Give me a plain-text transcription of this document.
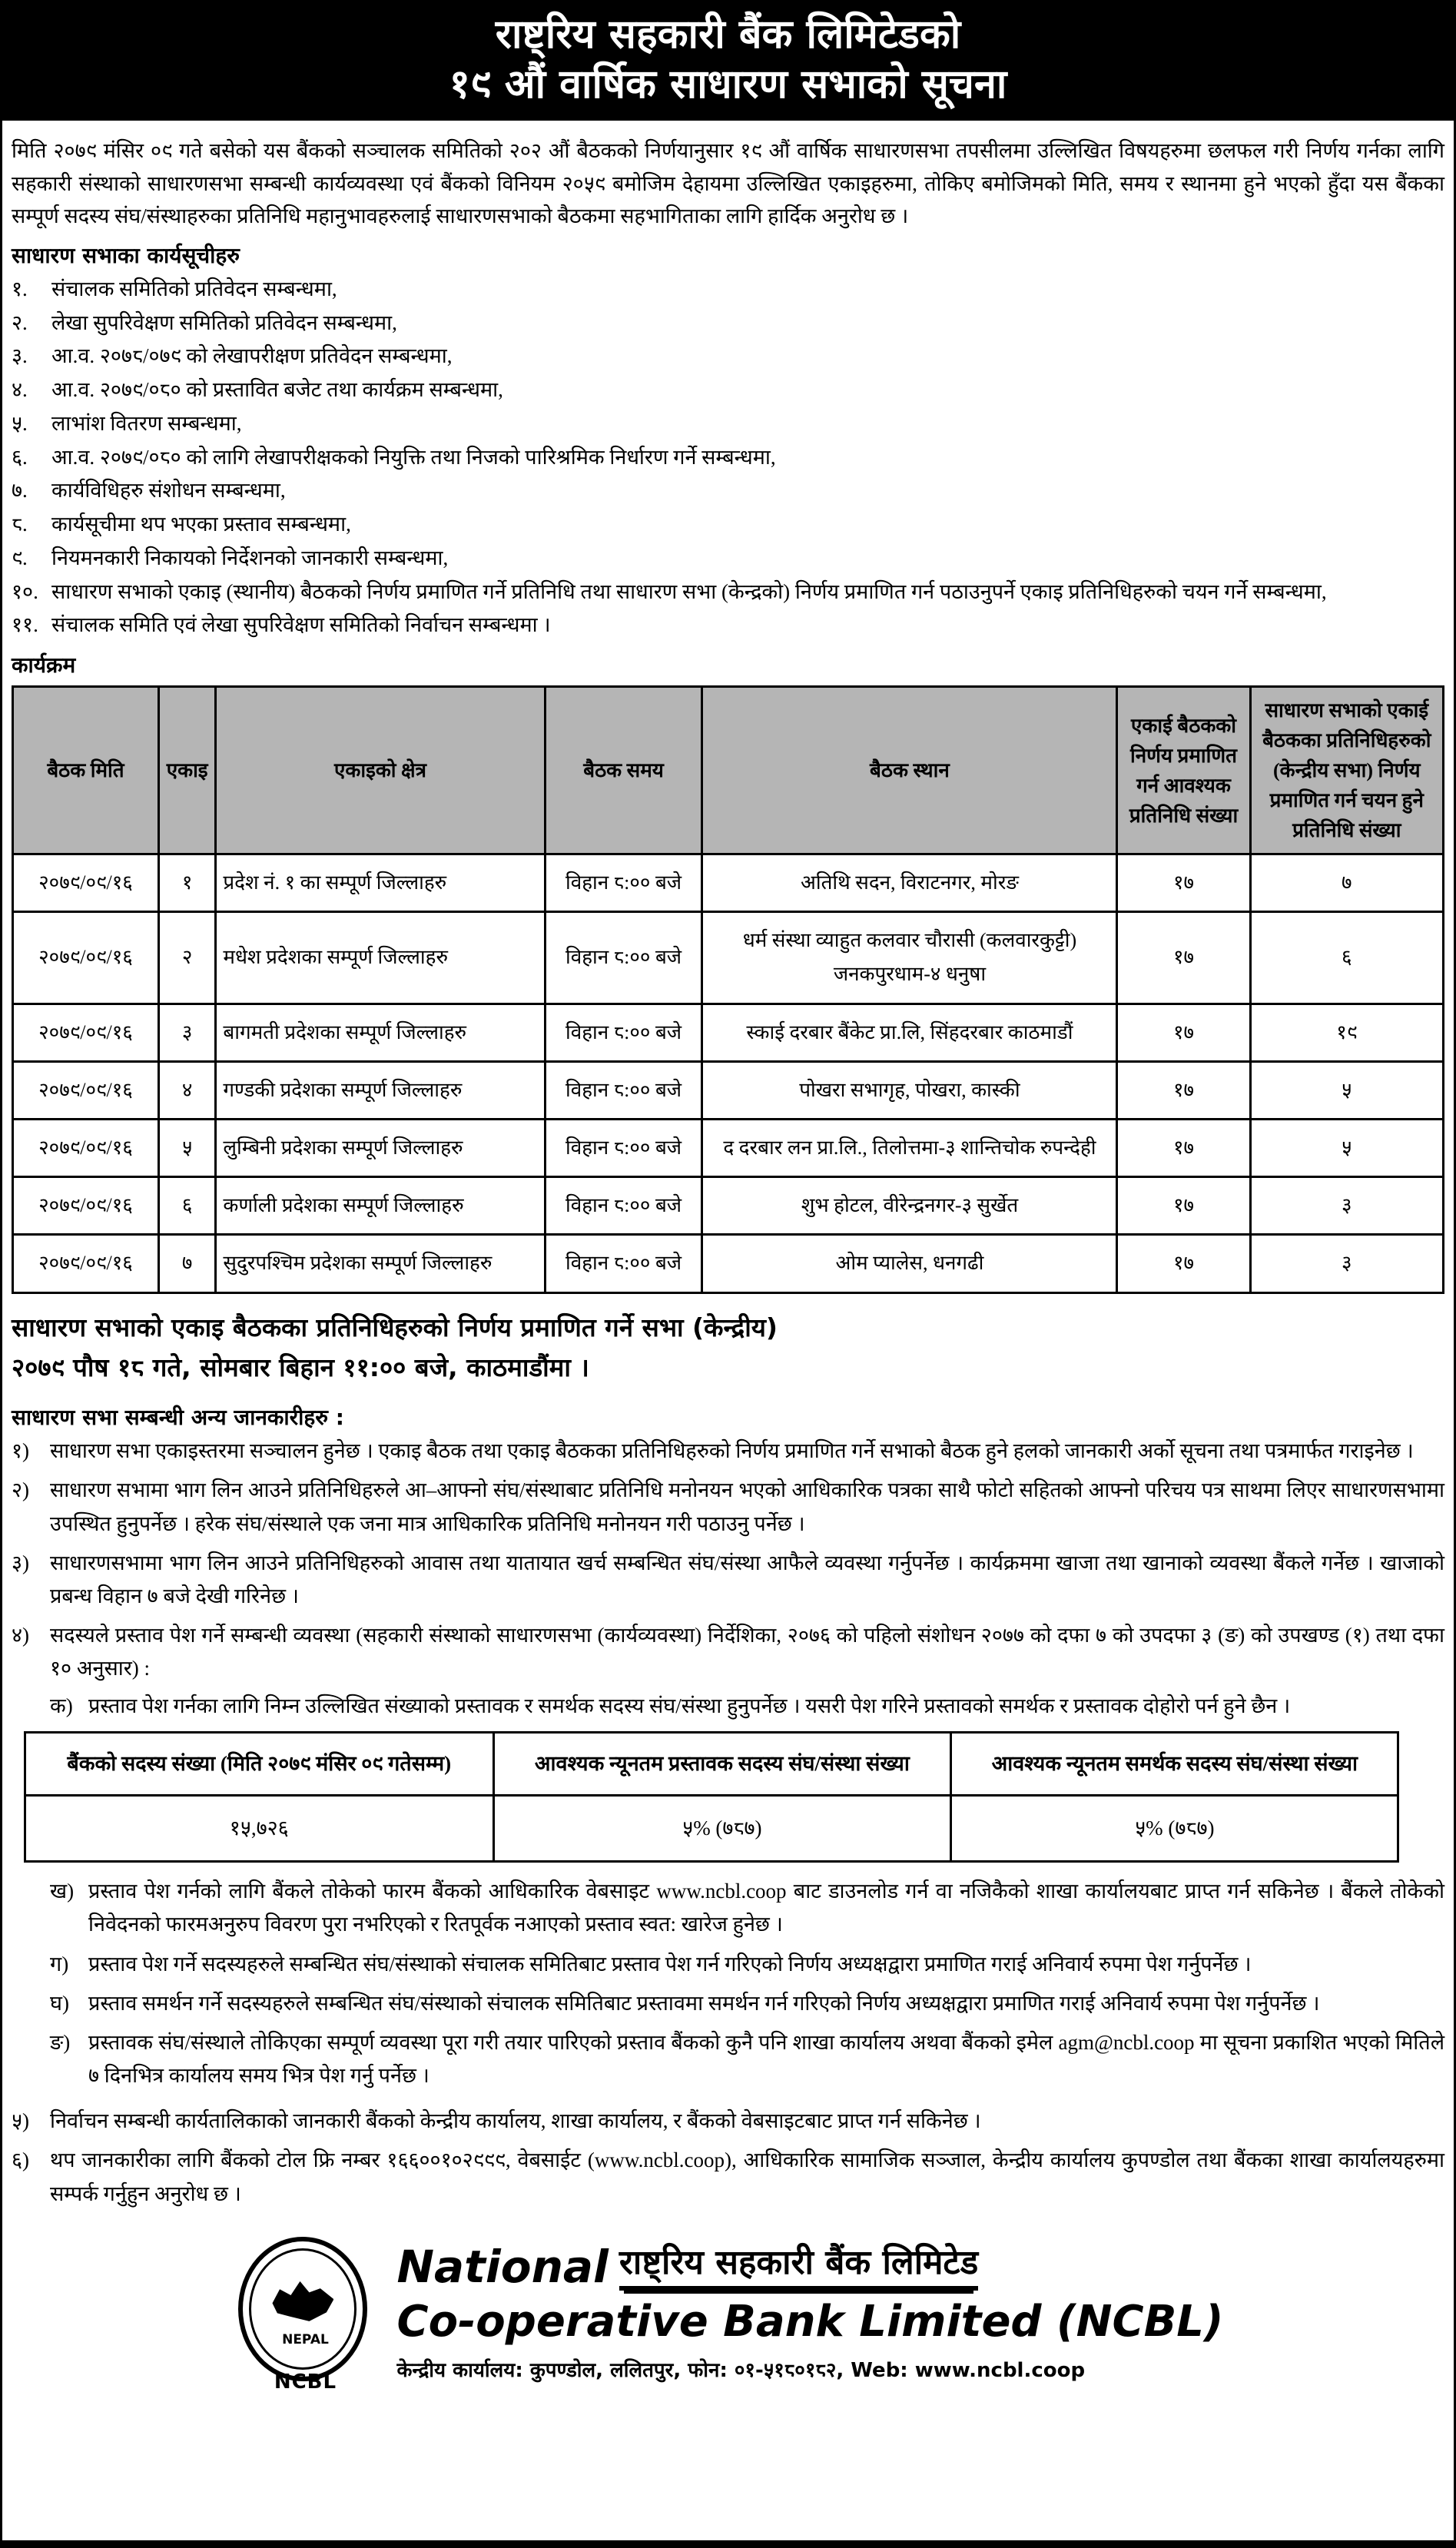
राष्ट्रिय सहकारी बैंक लिमिटेडको
१९ औं वार्षिक साधारण सभाको सूचना

मिति २०७९ मंसिर ०९ गते बसेको यस बैंकको सञ्चालक समितिको २०२ औं बैठकको निर्णयानुसार १९ औं वार्षिक साधारणसभा तपसीलमा उल्लिखित विषयहरुमा छलफल गरी निर्णय गर्नका लागि सहकारी संस्थाको साधारणसभा सम्बन्धी कार्यव्यवस्था एवं बैंकको विनियम २०५९ बमोजिम देहायमा उल्लिखित एकाइहरुमा, तोकिए बमोजिमको मिति, समय र स्थानमा हुने भएको हुँदा यस बैंकका सम्पूर्ण सदस्य संघ/संस्थाहरुका प्रतिनिधि महानुभावहरुलाई साधारणसभाको बैठकमा सहभागिताका लागि हार्दिक अनुरोध छ ।

साधारण सभाका कार्यसूचीहरु
१.	संचालक समितिको प्रतिवेदन सम्बन्धमा,
२.	लेखा सुपरिवेक्षण समितिको प्रतिवेदन सम्बन्धमा,
३.	आ.व. २०७८/०७९ को लेखापरीक्षण प्रतिवेदन सम्बन्धमा,
४.	आ.व. २०७९/०८० को प्रस्तावित बजेट तथा कार्यक्रम सम्बन्धमा,
५.	लाभांश वितरण सम्बन्धमा,
६.	आ.व. २०७९/०८० को लागि लेखापरीक्षकको नियुक्ति तथा निजको पारिश्रमिक निर्धारण गर्ने सम्बन्धमा,
७.	कार्यविधिहरु संशोधन सम्बन्धमा,
८.	कार्यसूचीमा थप भएका प्रस्ताव सम्बन्धमा,
९.	नियमनकारी निकायको निर्देशनको जानकारी सम्बन्धमा,
१०. साधारण सभाको एकाइ (स्थानीय) बैठकको निर्णय प्रमाणित गर्ने प्रतिनिधि तथा साधारण सभा (केन्द्रको) निर्णय प्रमाणित गर्न पठाउनुपर्ने एकाइ प्रतिनिधिहरुको चयन गर्ने सम्बन्धमा,
११. संचालक समिति एवं लेखा सुपरिवेक्षण समितिको निर्वाचन सम्बन्धमा ।
कार्यक्रम
बैठक मिति	एकाइ	एकाइको क्षेत्र	बैठक समय	बैठक स्थान	एकाई बैठकको निर्णय प्रमाणित गर्न आवश्यक प्रतिनिधि संख्या	साधारण सभाको एकाई बैठकका प्रतिनिधिहरुको (केन्द्रीय सभा) निर्णय प्रमाणित गर्न चयन हुने प्रतिनिधि संख्या
२०७९/०९/१६	१	प्रदेश नं. १ का सम्पूर्ण जिल्लाहरु	विहान ८:०० बजे	अतिथि सदन, विराटनगर, मोरङ	१७	७
२०७९/०९/१६	२	मधेश प्रदेशका सम्पूर्ण जिल्लाहरु	विहान ८:०० बजे	धर्म संस्था व्याहुत कलवार चौरासी (कलवारकुट्टी) जनकपुरधाम-४ धनुषा	१७	६
२०७९/०९/१६	३	बागमती प्रदेशका सम्पूर्ण जिल्लाहरु	विहान ८:०० बजे	स्काई दरबार बैंकेट प्रा.लि, सिंहदरबार काठमाडौं	१७	१९
२०७९/०९/१६	४	गण्डकी प्रदेशका सम्पूर्ण जिल्लाहरु	विहान ८:०० बजे	पोखरा सभागृह, पोखरा, कास्की	१७	५
२०७९/०९/१६	५	लुम्बिनी प्रदेशका सम्पूर्ण जिल्लाहरु	विहान ८:०० बजे	द दरबार लन प्रा.लि., तिलोत्तमा-३ शान्तिचोक रुपन्देही	१७	५
२०७९/०९/१६	६	कर्णाली प्रदेशका सम्पूर्ण जिल्लाहरु	विहान ८:०० बजे	शुभ होटल, वीरेन्द्रनगर-३ सुर्खेत	१७	३
२०७९/०९/१६	७	सुदुरपश्चिम प्रदेशका सम्पूर्ण जिल्लाहरु	विहान ८:०० बजे	ओम प्यालेस, धनगढी	१७	३
साधारण सभाको एकाइ बैठकका प्रतिनिधिहरुको निर्णय प्रमाणित गर्ने सभा (केन्द्रीय)
२०७९ पौष १८ गते, सोमबार बिहान ११:०० बजे, काठमाडौंमा ।
साधारण सभा सम्बन्धी अन्य जानकारीहरु :
१) साधारण सभा एकाइस्तरमा सञ्चालन हुनेछ । एकाइ बैठक तथा एकाइ बैठकका प्रतिनिधिहरुको निर्णय प्रमाणित गर्ने सभाको बैठक हुने हलको जानकारी अर्को सूचना तथा पत्रमार्फत गराइनेछ ।
२) साधारण सभामा भाग लिन आउने प्रतिनिधिहरुले आ–आफ्नो संघ/संस्थाबाट प्रतिनिधि मनोनयन भएको आधिकारिक पत्रका साथै फोटो सहितको आफ्नो परिचय पत्र साथमा लिएर साधारणसभामा उपस्थित हुनुपर्नेछ । हरेक संघ/संस्थाले एक जना मात्र आधिकारिक प्रतिनिधि मनोनयन गरी पठाउनु पर्नेछ ।
३) साधारणसभामा भाग लिन आउने प्रतिनिधिहरुको आवास तथा यातायात खर्च सम्बन्धित संघ/संस्था आफैले व्यवस्था गर्नुपर्नेछ । कार्यक्रममा खाजा तथा खानाको व्यवस्था बैंकले गर्नेछ । खाजाको प्रबन्ध विहान ७ बजे देखी गरिनेछ ।
४) सदस्यले प्रस्ताव पेश गर्ने सम्बन्धी व्यवस्था (सहकारी संस्थाको साधारणसभा (कार्यव्यवस्था) निर्देशिका, २०७६ को पहिलो संशोधन २०७७ को दफा ७ को उपदफा ३ (ङ) को उपखण्ड (१) तथा दफा १० अनुसार) :
क) प्रस्ताव पेश गर्नका लागि निम्न उल्लिखित संख्याको प्रस्तावक र समर्थक सदस्य संघ/संस्था हुनुपर्नेछ । यसरी पेश गरिने प्रस्तावको समर्थक र प्रस्तावक दोहोरो पर्न हुने छैन ।
बैंकको सदस्य संख्या (मिति २०७९ मंसिर ०९ गतेसम्म)	आवश्यक न्यूनतम प्रस्तावक सदस्य संघ/संस्था संख्या	आवश्यक न्यूनतम समर्थक सदस्य संघ/संस्था संख्या
१५,७२६	५% (७८७)	५% (७८७)
ख) प्रस्ताव पेश गर्नको लागि बैंकले तोकेको फारम बैंकको आधिकारिक वेबसाइट www.ncbl.coop बाट डाउनलोड गर्न वा नजिकैको शाखा कार्यालयबाट प्राप्त गर्न सकिनेछ । बैंकले तोकेको निवेदनको फारमअनुरुप विवरण पुरा नभरिएको र रितपूर्वक नआएको प्रस्ताव स्वत: खारेज हुनेछ ।
ग) प्रस्ताव पेश गर्ने सदस्यहरुले सम्बन्धित संघ/संस्थाको संचालक समितिबाट प्रस्ताव पेश गर्न गरिएको निर्णय अध्यक्षद्वारा प्रमाणित गराई अनिवार्य रुपमा पेश गर्नुपर्नेछ ।
घ) प्रस्ताव समर्थन गर्ने सदस्यहरुले सम्बन्धित संघ/संस्थाको संचालक समितिबाट प्रस्तावमा समर्थन गर्न गरिएको निर्णय अध्यक्षद्वारा प्रमाणित गराई अनिवार्य रुपमा पेश गर्नुपर्नेछ ।
ङ) प्रस्तावक संघ/संस्थाले तोकिएका सम्पूर्ण व्यवस्था पूरा गरी तयार पारिएको प्रस्ताव बैंकको कुनै पनि शाखा कार्यालय अथवा बैंकको इमेल agm@ncbl.coop मा सूचना प्रकाशित भएको मितिले ७ दिनभित्र कार्यालय समय भित्र पेश गर्नु पर्नेछ ।
५) निर्वाचन सम्बन्धी कार्यतालिकाको जानकारी बैंकको केन्द्रीय कार्यालय, शाखा कार्यालय, र बैंकको वेबसाइटबाट प्राप्त गर्न सकिनेछ ।
६) थप जानकारीका लागि बैंकको टोल फ्रि नम्बर १६६००१०२९९९, वेबसाईट (www.ncbl.coop), आधिकारिक सामाजिक सञ्जाल, केन्द्रीय कार्यालय कुपण्डोल तथा बैंकका शाखा कार्यालयहरुमा सम्पर्क गर्नुहुन अनुरोध छ ।
NEPAL
NCBL
National राष्ट्रिय सहकारी बैंक लिमिटेड
Co-operative Bank Limited (NCBL)
केन्द्रीय कार्यालय: कुपण्डोल, ललितपुर, फोन: ०१-५१८०१८२, Web: www.ncbl.coop
